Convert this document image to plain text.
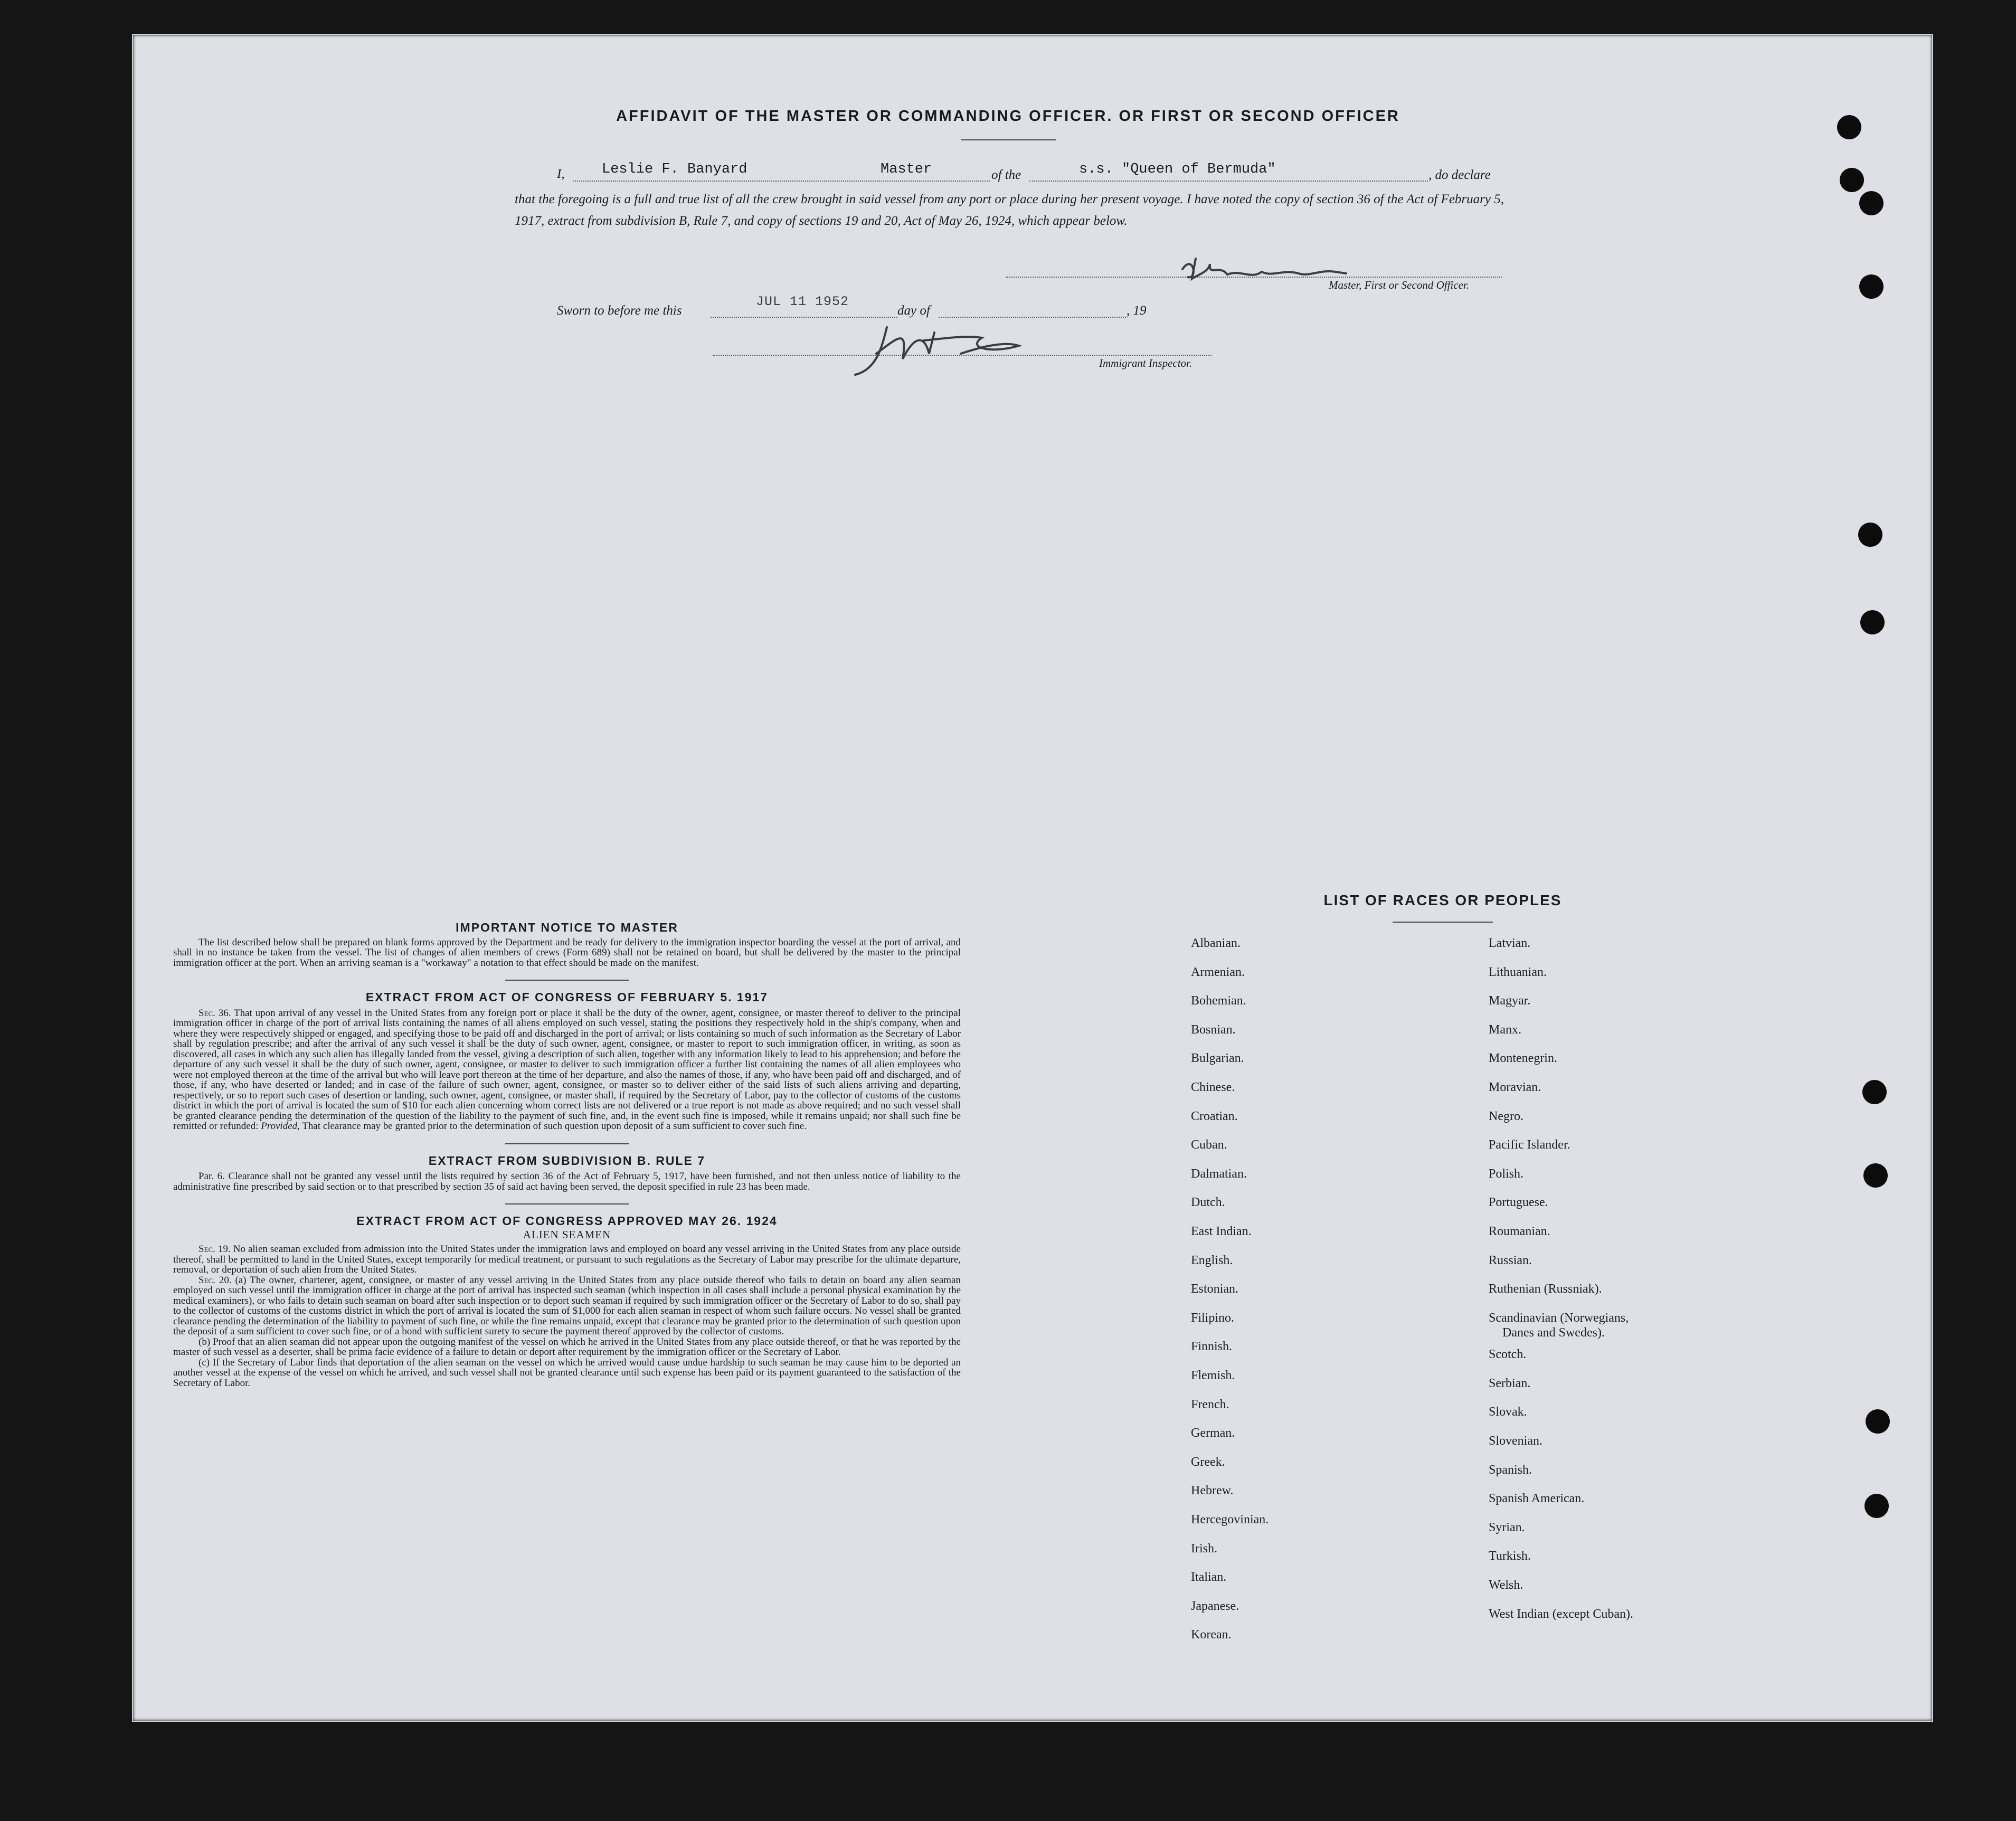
AFFIDAVIT OF THE MASTER OR COMMANDING OFFICER. OR FIRST OR SECOND OFFICER
I,	Leslie F. Banyard	Master	of the	s.s. "Queen of Bermuda"	, do declare
that the foregoing is a full and true list of all the crew brought in said vessel from any port or place during her present voyage. I have noted the copy of section 36 of the Act of February 5, 1917, extract from subdivision B, Rule 7, and copy of sections 19 and 20, Act of May 26, 1924, which appear below.
Master, First or Second Officer.
Sworn to before me this
JUL 11 1952
day of	, 19
Immigrant Inspector.
IMPORTANT NOTICE TO MASTER
The list described below shall be prepared on blank forms approved by the Department and be ready for delivery to the immigration inspector boarding the vessel at the port of arrival, and shall in no instance be taken from the vessel. The list of changes of alien members of crews (Form 689) shall not be retained on board, but shall be delivered by the master to the principal immigration officer at the port. When an arriving seaman is a "workaway" a notation to that effect should be made on the manifest.
EXTRACT FROM ACT OF CONGRESS OF FEBRUARY 5. 1917
Sec. 36. That upon arrival of any vessel in the United States from any foreign port or place it shall be the duty of the owner, agent, consignee, or master thereof to deliver to the principal immigration officer in charge of the port of arrival lists containing the names of all aliens employed on such vessel, stating the positions they respectively hold in the ship's company, when and where they were respectively shipped or engaged, and specifying those to be paid off and discharged in the port of arrival; or lists containing so much of such information as the Secretary of Labor shall by regulation prescribe; and after the arrival of any such vessel it shall be the duty of such owner, agent, consignee, or master to report to such immigration officer, in writing, as soon as discovered, all cases in which any such alien has illegally landed from the vessel, giving a description of such alien, together with any information likely to lead to his apprehension; and before the departure of any such vessel it shall be the duty of such owner, agent, consignee, or master to deliver to such immigration officer a further list containing the names of all alien employees who were not employed thereon at the time of the arrival but who will leave port thereon at the time of her departure, and also the names of those, if any, who have been paid off and discharged, and of those, if any, who have deserted or landed; and in case of the failure of such owner, agent, consignee, or master so to deliver either of the said lists of such aliens arriving and departing, respectively, or so to report such cases of desertion or landing, such owner, agent, consignee, or master shall, if required by the Secretary of Labor, pay to the collector of customs of the customs district in which the port of arrival is located the sum of $10 for each alien concerning whom correct lists are not delivered or a true report is not made as above required; and no such vessel shall be granted clearance pending the determination of the question of the liability to the payment of such fine, and, in the event such fine is imposed, while it remains unpaid; nor shall such fine be remitted or refunded: Provided, That clearance may be granted prior to the determination of such question upon deposit of a sum sufficient to cover such fine.
EXTRACT FROM SUBDIVISION B. RULE 7
Par. 6. Clearance shall not be granted any vessel until the lists required by section 36 of the Act of February 5, 1917, have been furnished, and not then unless notice of liability to the administrative fine prescribed by said section or to that prescribed by section 35 of said act having been served, the deposit specified in rule 23 has been made.
EXTRACT FROM ACT OF CONGRESS APPROVED MAY 26. 1924
ALIEN SEAMEN
Sec. 19. No alien seaman excluded from admission into the United States under the immigration laws and employed on board any vessel arriving in the United States from any place outside thereof, shall be permitted to land in the United States, except temporarily for medical treatment, or pursuant to such regulations as the Secretary of Labor may prescribe for the ultimate departure, removal, or deportation of such alien from the United States.
Sec. 20. (a) The owner, charterer, agent, consignee, or master of any vessel arriving in the United States from any place outside thereof who fails to detain on board any alien seaman employed on such vessel until the immigration officer in charge at the port of arrival has inspected such seaman (which inspection in all cases shall include a personal physical examination by the medical examiners), or who fails to detain such seaman on board after such inspection or to deport such seaman if required by such immigration officer or the Secretary of Labor to do so, shall pay to the collector of customs of the customs district in which the port of arrival is located the sum of $1,000 for each alien seaman in respect of whom such failure occurs. No vessel shall be granted clearance pending the determination of the liability to payment of such fine, or while the fine remains unpaid, except that clearance may be granted prior to the determination of such question upon the deposit of a sum sufficient to cover such fine, or of a bond with sufficient surety to secure the payment thereof approved by the collector of customs.
(b) Proof that an alien seaman did not appear upon the outgoing manifest of the vessel on which he arrived in the United States from any place outside thereof, or that he was reported by the master of such vessel as a deserter, shall be prima facie evidence of a failure to detain or deport after requirement by the immigration officer or the Secretary of Labor.
(c) If the Secretary of Labor finds that deportation of the alien seaman on the vessel on which he arrived would cause undue hardship to such seaman he may cause him to be deported an another vessel at the expense of the vessel on which he arrived, and such vessel shall not be granted clearance until such expense has been paid or its payment guaranteed to the satisfaction of the Secretary of Labor.
LIST OF RACES OR PEOPLES
Albanian.
Armenian.
Bohemian.
Bosnian.
Bulgarian.
Chinese.
Croatian.
Cuban.
Dalmatian.
Dutch.
East Indian.
English.
Estonian.
Filipino.
Finnish.
Flemish.
French.
German.
Greek.
Hebrew.
Hercegovinian.
Irish.
Italian.
Japanese.
Korean.
Latvian.
Lithuanian.
Magyar.
Manx.
Montenegrin.
Moravian.
Negro.
Pacific Islander.
Polish.
Portuguese.
Roumanian.
Russian.
Ruthenian (Russniak).
Scandinavian (Norwegians,
Danes and Swedes).
Scotch.
Serbian.
Slovak.
Slovenian.
Spanish.
Spanish American.
Syrian.
Turkish.
Welsh.
West Indian (except Cuban).
